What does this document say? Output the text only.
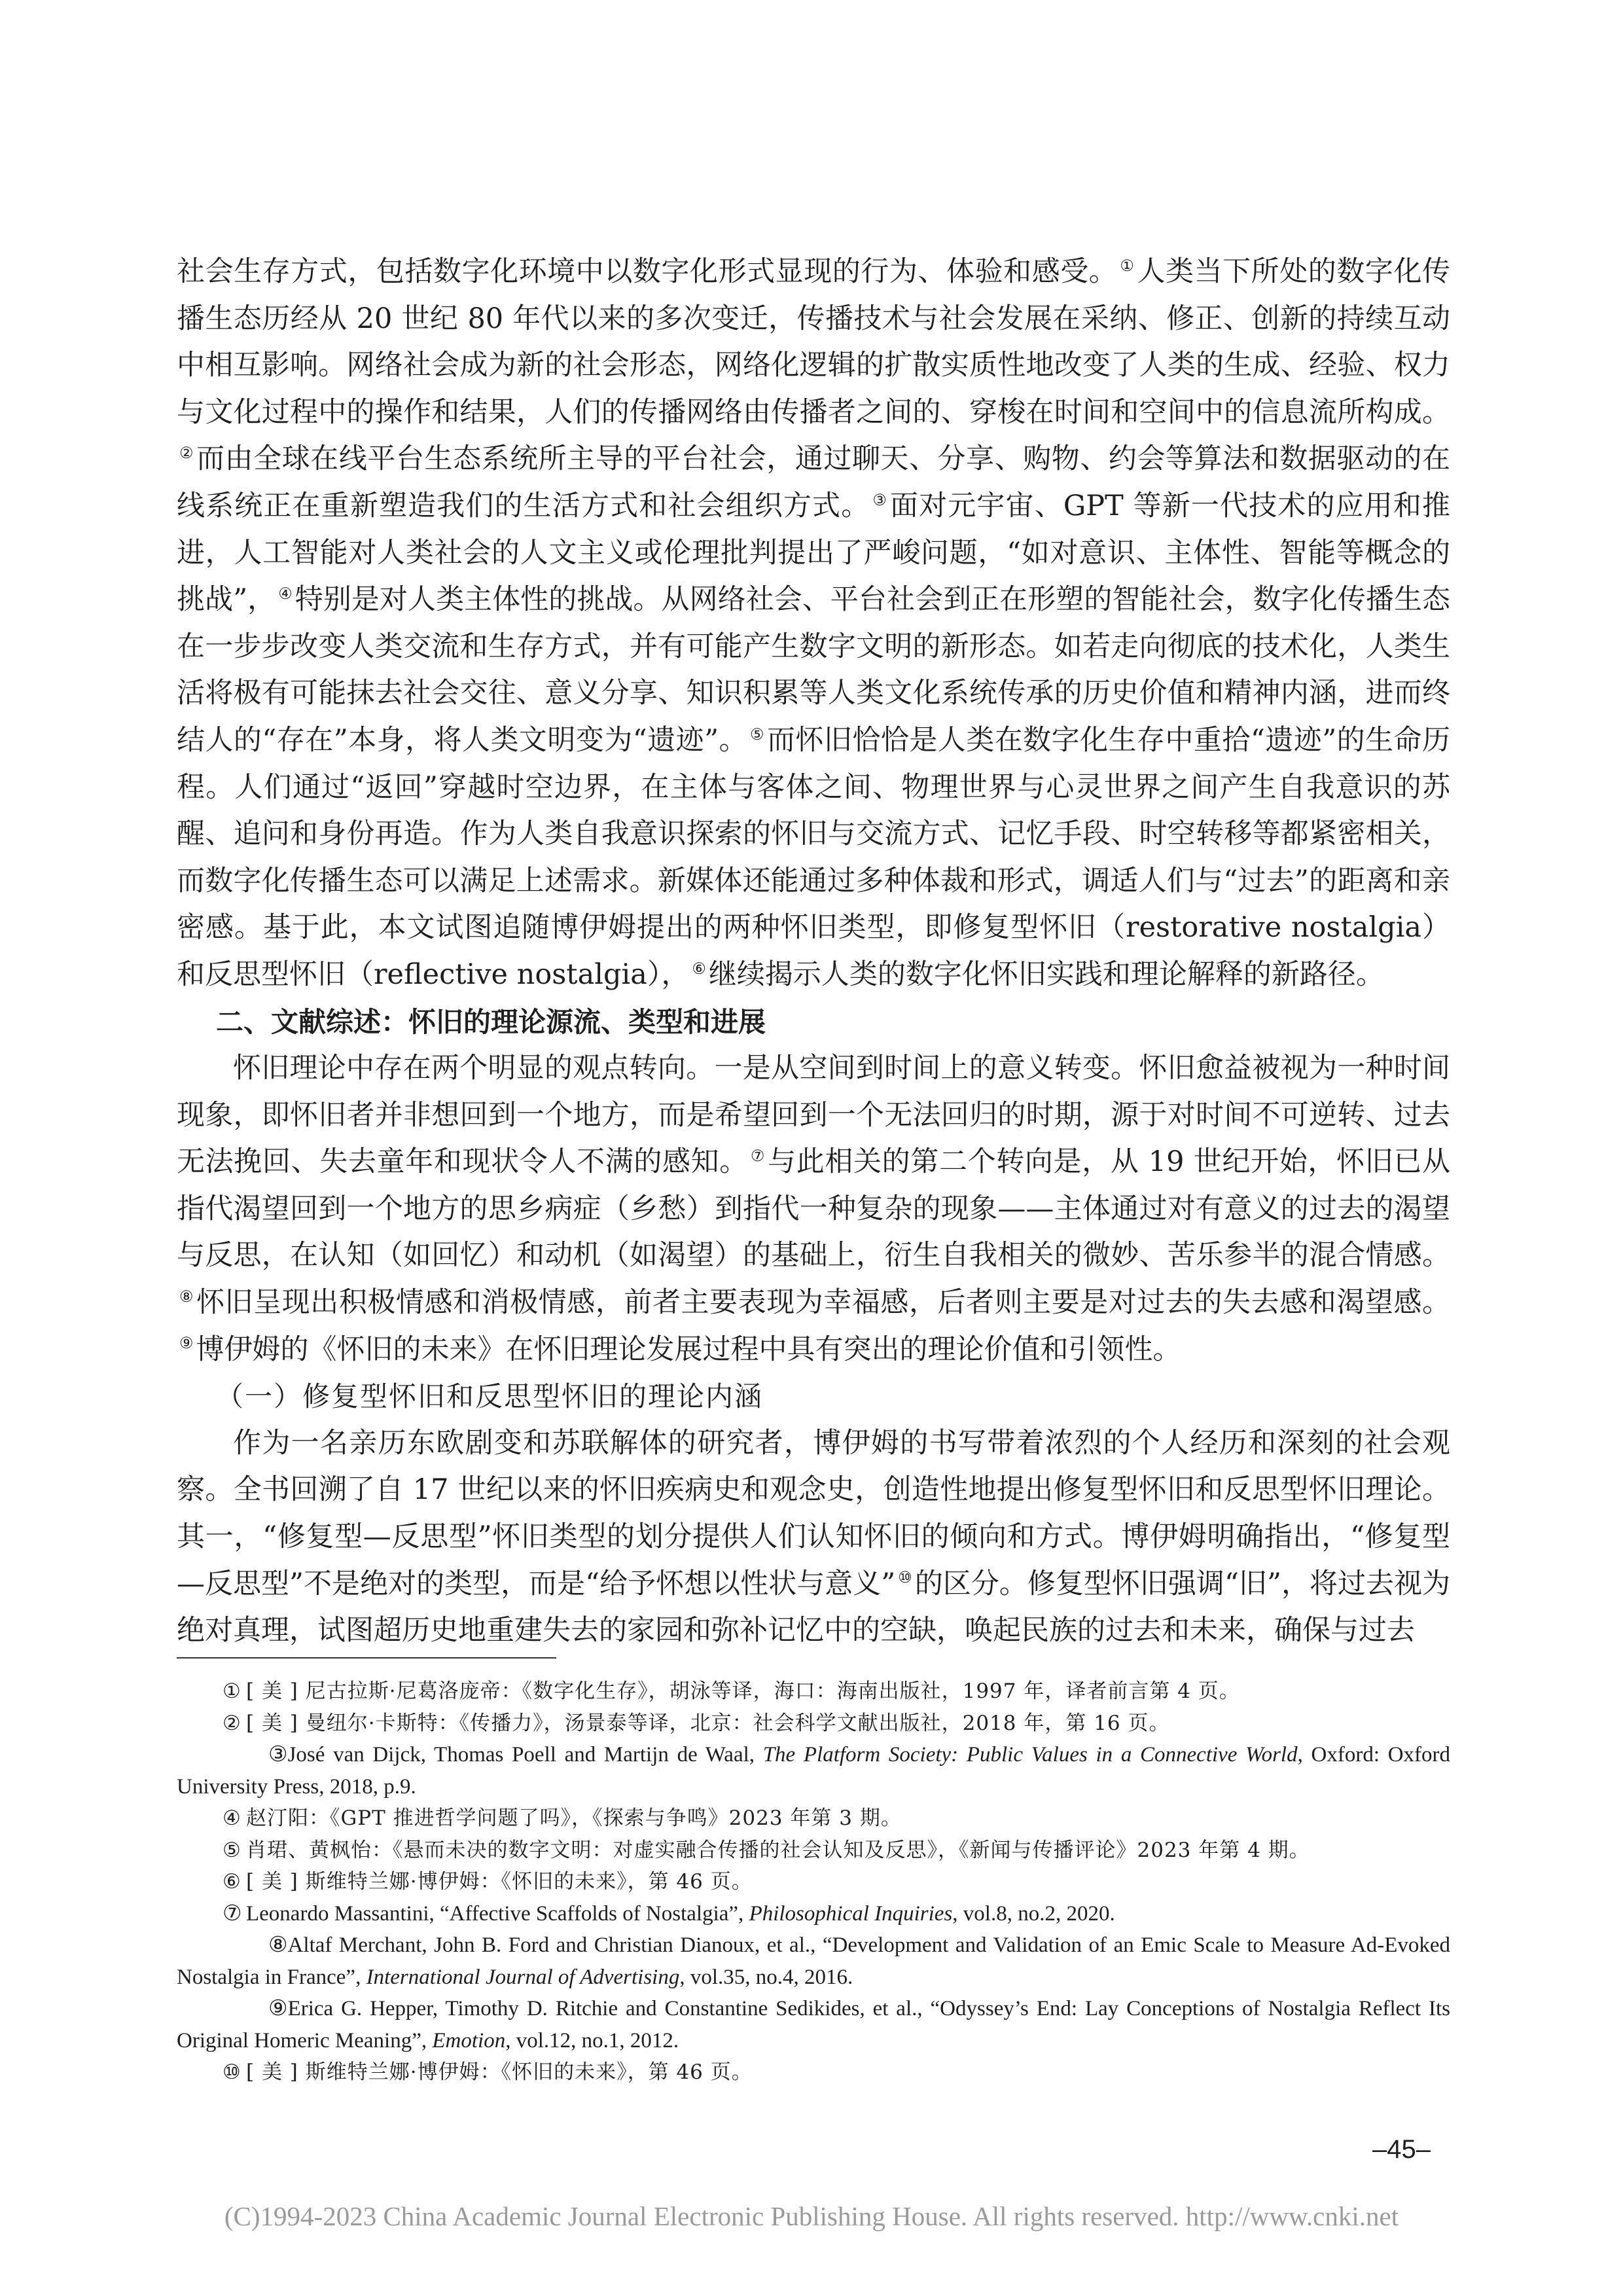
社会生存方式，包括数字化环境中以数字化形式显现的行为、体验和感受。 ①人类当下所处的数字化传播生态历经从 20 世纪 80 年代以来的多次变迁，传播技术与社会发展在采纳、修正、创新的持续互动中相互影响。网络社会成为新的社会形态，网络化逻辑的扩散实质性地改变了人类的生成、经验、权力与文化过程中的操作和结果，人们的传播网络由传播者之间的、穿梭在时间和空间中的信息流所构成。②而由全球在线平台生态系统所主导的平台社会，通过聊天、分享、购物、约会等算法和数据驱动的在线系统正在重新塑造我们的生活方式和社会组织方式。 ③面对元宇宙、GPT 等新一代技术的应用和推进，人工智能对人类社会的人文主义或伦理批判提出了严峻问题，“如对意识、主体性、智能等概念的挑战”， ④特别是对人类主体性的挑战。从网络社会、平台社会到正在形塑的智能社会，数字化传播生态在一步步改变人类交流和生存方式，并有可能产生数字文明的新形态。如若走向彻底的技术化，人类生活将极有可能抹去社会交往、意义分享、知识积累等人类文化系统传承的历史价值和精神内涵，进而终结人的“存在”本身，将人类文明变为“遗迹”。 ⑤而怀旧恰恰是人类在数字化生存中重拾“遗迹”的生命历程。人们通过“返回”穿越时空边界，在主体与客体之间、物理世界与心灵世界之间产生自我意识的苏醒、追问和身份再造。作为人类自我意识探索的怀旧与交流方式、记忆手段、时空转移等都紧密相关，而数字化传播生态可以满足上述需求。新媒体还能通过多种体裁和形式，调适人们与“过去”的距离和亲密感。基于此，本文试图追随博伊姆提出的两种怀旧类型，即修复型怀旧（restorative nostalgia）和反思型怀旧（reflective nostalgia）， ⑥继续揭示人类的数字化怀旧实践和理论解释的新路径。

二、文献综述：怀旧的理论源流、类型和进展

怀旧理论中存在两个明显的观点转向。一是从空间到时间上的意义转变。怀旧愈益被视为一种时间现象，即怀旧者并非想回到一个地方，而是希望回到一个无法回归的时期，源于对时间不可逆转、过去无法挽回、失去童年和现状令人不满的感知。 ⑦与此相关的第二个转向是，从 19 世纪开始，怀旧已从指代渴望回到一个地方的思乡病症（乡愁）到指代一种复杂的现象——主体通过对有意义的过去的渴望与反思，在认知（如回忆）和动机（如渴望）的基础上，衍生自我相关的微妙、苦乐参半的混合情感。⑧怀旧呈现出积极情感和消极情感，前者主要表现为幸福感，后者则主要是对过去的失去感和渴望感。⑨博伊姆的《怀旧的未来》在怀旧理论发展过程中具有突出的理论价值和引领性。

（一）修复型怀旧和反思型怀旧的理论内涵

作为一名亲历东欧剧变和苏联解体的研究者，博伊姆的书写带着浓烈的个人经历和深刻的社会观察。全书回溯了自 17 世纪以来的怀旧疾病史和观念史，创造性地提出修复型怀旧和反思型怀旧理论。其一，“修复型—反思型”怀旧类型的划分提供人们认知怀旧的倾向和方式。博伊姆明确指出，“修复型—反思型”不是绝对的类型，而是“给予怀想以性状与意义” ⑩的区分。修复型怀旧强调“旧”，将过去视为绝对真理，试图超历史地重建失去的家园和弥补记忆中的空缺，唤起民族的过去和未来，确保与过去

① [ 美 ] 尼古拉斯·尼葛洛庞帝：《数字化生存》，胡泳等译，海口：海南出版社，1997 年，译者前言第 4 页。

② [ 美 ] 曼纽尔·卡斯特：《传播力》，汤景泰等译，北京：社会科学文献出版社，2018 年，第 16 页。

③José van Dijck, Thomas Poell and Martijn de Waal, The Platform Society: Public Values in a Connective World, Oxford: Oxford University Press, 2018, p.9.

④ 赵汀阳：《GPT 推进哲学问题了吗》，《探索与争鸣》2023 年第 3 期。

⑤ 肖珺、黄枫怡：《悬而未决的数字文明：对虚实融合传播的社会认知及反思》，《新闻与传播评论》2023 年第 4 期。

⑥ [ 美 ] 斯维特兰娜·博伊姆：《怀旧的未来》，第 46 页。

⑦ Leonardo Massantini, “Affective Scaffolds of Nostalgia”, Philosophical Inquiries, vol.8, no.2, 2020.

⑧Altaf Merchant, John B. Ford and Christian Dianoux, et al., “Development and Validation of an Emic Scale to Measure Ad-Evoked Nostalgia in France”, International Journal of Advertising, vol.35, no.4, 2016.

⑨Erica G. Hepper, Timothy D. Ritchie and Constantine Sedikides, et al., “Odyssey’s End: Lay Conceptions of Nostalgia Reflect Its Original Homeric Meaning”, Emotion, vol.12, no.1, 2012.

⑩ [ 美 ] 斯维特兰娜·博伊姆：《怀旧的未来》，第 46 页。

–45–
(C)1994-2023 China Academic Journal Electronic Publishing House. All rights reserved. http://www.cnki.net
